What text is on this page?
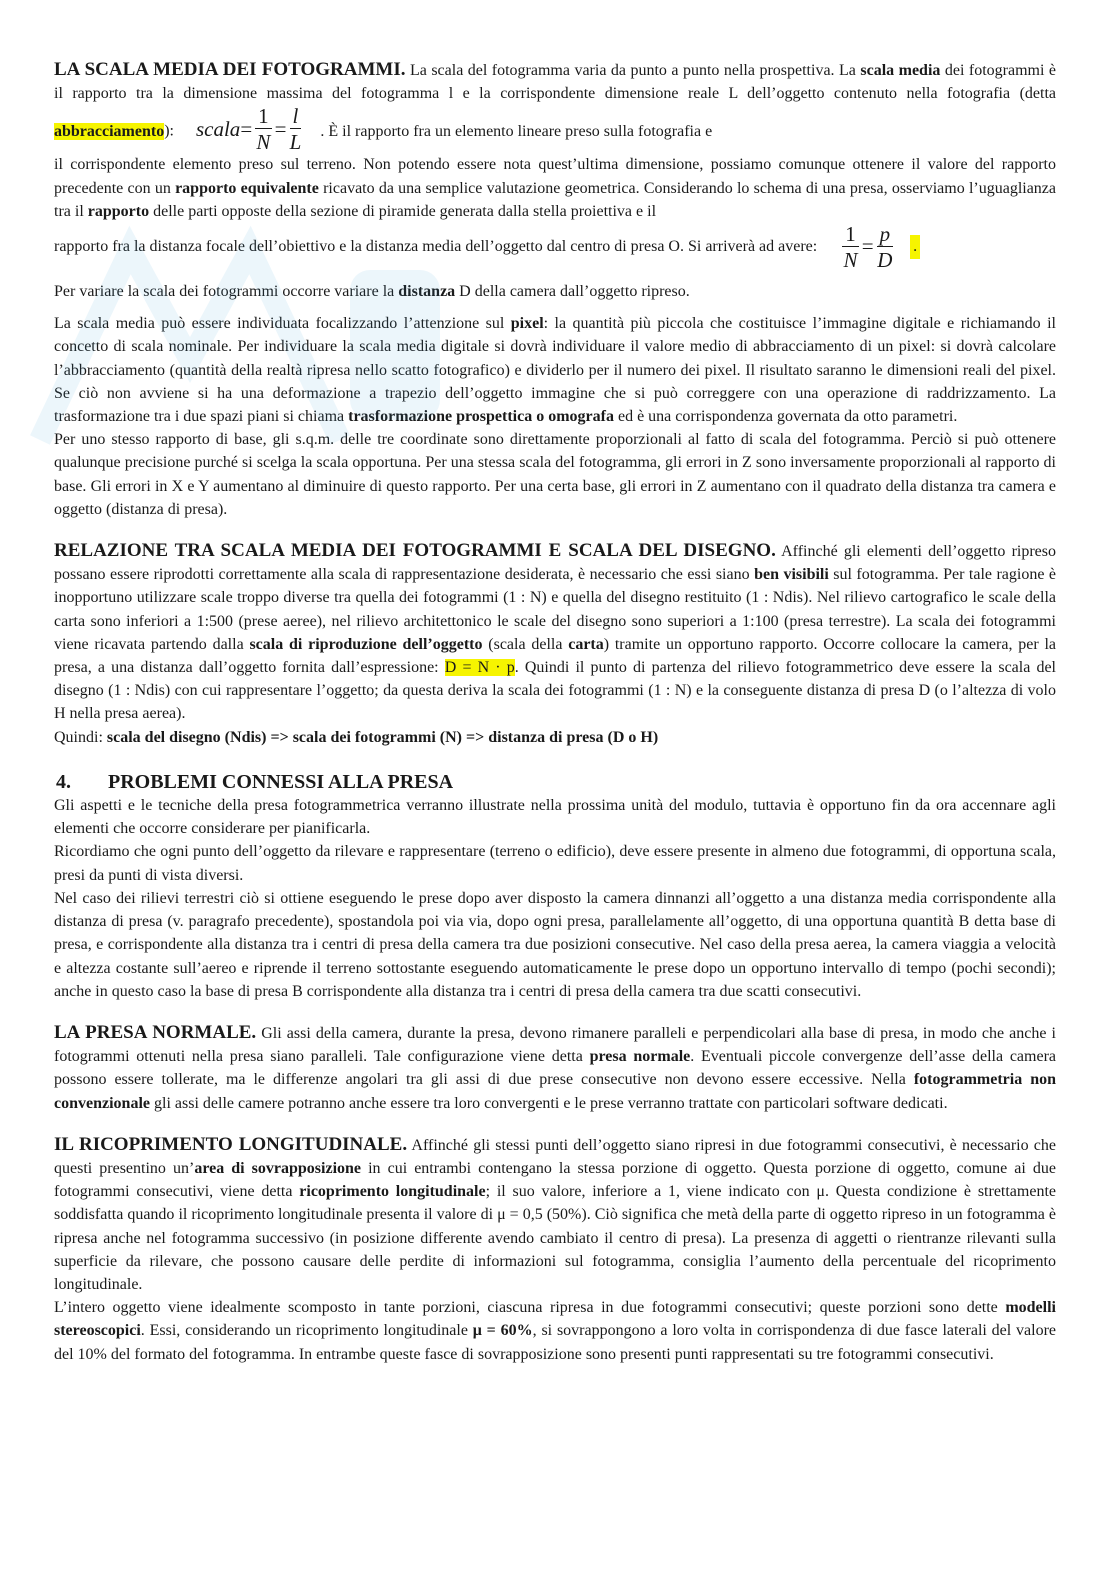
LA SCALA MEDIA DEI FOTOGRAMMI. La scala del fotogramma varia da punto a punto nella prospettiva. La scala media dei fotogrammi è il rapporto tra la dimensione massima del fotogramma l e la corrispondente dimensione reale L dell’oggetto contenuto nella fotografia (detta abbracciamento): scala = $\frac{1}{N} = \frac{l}{L}$ . È il rapporto fra un elemento lineare preso sulla fotografia e
il corrispondente elemento preso sul terreno. Non potendo essere nota quest’ultima dimensione, possiamo comunque ottenere il valore del rapporto precedente con un rapporto equivalente ricavato da una semplice valutazione geometrica. Considerando lo schema di una presa, osserviamo l’uguaglianza tra il rapporto delle parti opposte della sezione di piramide generata dalla stella proiettiva e il

rapporto fra la distanza focale dell’obiettivo e la distanza media dell’oggetto dal centro di presa O. Si arriverà ad avere: $\frac{1}{N} = \frac{p}{D}$ .

Per variare la scala dei fotogrammi occorre variare la distanza D della camera dall’oggetto ripreso.

La scala media può essere individuata focalizzando l’attenzione sul pixel: la quantità più piccola che costituisce l’immagine digitale e richiamando il concetto di scala nominale. Per individuare la scala media digitale si dovrà individuare il valore medio di abbracciamento di un pixel: si dovrà calcolare l’abbracciamento (quantità della realtà ripresa nello scatto fotografico) e dividerlo per il numero dei pixel. Il risultato saranno le dimensioni reali del pixel. Se ciò non avviene si ha una deformazione a trapezio dell’oggetto immagine che si può correggere con una operazione di raddrizzamento. La trasformazione tra i due spazi piani si chiama trasformazione prospettica o omografa ed è una corrispondenza governata da otto parametri.

Per uno stesso rapporto di base, gli s.q.m. delle tre coordinate sono direttamente proporzionali al fatto di scala del fotogramma. Perciò si può ottenere qualunque precisione purché si scelga la scala opportuna. Per una stessa scala del fotogramma, gli errori in Z sono inversamente proporzionali al rapporto di base. Gli errori in X e Y aumentano al diminuire di questo rapporto. Per una certa base, gli errori in Z aumentano con il quadrato della distanza tra camera e oggetto (distanza di presa).

RELAZIONE TRA SCALA MEDIA DEI FOTOGRAMMI E SCALA DEL DISEGNO. Affinché gli elementi dell’oggetto ripreso possano essere riprodotti correttamente alla scala di rappresentazione desiderata, è necessario che essi siano ben visibili sul fotogramma. Per tale ragione è inopportuno utilizzare scale troppo diverse tra quella dei fotogrammi (1 : N) e quella del disegno restituito (1 : Ndis). Nel rilievo cartografico le scale della carta sono inferiori a 1:500 (prese aeree), nel rilievo architettonico le scale del disegno sono superiori a 1:100 (presa terrestre). La scala dei fotogrammi viene ricavata partendo dalla scala di riproduzione dell’oggetto (scala della carta) tramite un opportuno rapporto. Occorre collocare la camera, per la presa, a una distanza dall’oggetto fornita dall’espressione: D = N · p. Quindi il punto di partenza del rilievo fotogrammetrico deve essere la scala del disegno (1 : Ndis) con cui rappresentare l’oggetto; da questa deriva la scala dei fotogrammi (1 : N) e la conseguente distanza di presa D (o l’altezza di volo H nella presa aerea).

Quindi: scala del disegno (Ndis) => scala dei fotogrammi (N) => distanza di presa (D o H)

4.	PROBLEMI CONNESSI ALLA PRESA

Gli aspetti e le tecniche della presa fotogrammetrica verranno illustrate nella prossima unità del modulo, tuttavia è opportuno fin da ora accennare agli elementi che occorre considerare per pianificarla.

Ricordiamo che ogni punto dell’oggetto da rilevare e rappresentare (terreno o edificio), deve essere presente in almeno due fotogrammi, di opportuna scala, presi da punti di vista diversi.

Nel caso dei rilievi terrestri ciò si ottiene eseguendo le prese dopo aver disposto la camera dinnanzi all’oggetto a una distanza media corrispondente alla distanza di presa (v. paragrafo precedente), spostandola poi via via, dopo ogni presa, parallelamente all’oggetto, di una opportuna quantità B detta base di presa, e corrispondente alla distanza tra i centri di presa della camera tra due posizioni consecutive. Nel caso della presa aerea, la camera viaggia a velocità e altezza costante sull’aereo e riprende il terreno sottostante eseguendo automaticamente le prese dopo un opportuno intervallo di tempo (pochi secondi); anche in questo caso la base di presa B corrispondente alla distanza tra i centri di presa della camera tra due scatti consecutivi.

LA PRESA NORMALE. Gli assi della camera, durante la presa, devono rimanere paralleli e perpendicolari alla base di presa, in modo che anche i fotogrammi ottenuti nella presa siano paralleli. Tale configurazione viene detta presa normale. Eventuali piccole convergenze dell’asse della camera possono essere tollerate, ma le differenze angolari tra gli assi di due prese consecutive non devono essere eccessive. Nella fotogrammetria non convenzionale gli assi delle camere potranno anche essere tra loro convergenti e le prese verranno trattate con particolari software dedicati.

IL RICOPRIMENTO LONGITUDINALE. Affinché gli stessi punti dell’oggetto siano ripresi in due fotogrammi consecutivi, è necessario che questi presentino un’area di sovrapposizione in cui entrambi contengano la stessa porzione di oggetto. Questa porzione di oggetto, comune ai due fotogrammi consecutivi, viene detta ricoprimento longitudinale; il suo valore, inferiore a 1, viene indicato con μ. Questa condizione è strettamente soddisfatta quando il ricoprimento longitudinale presenta il valore di μ = 0,5 (50%). Ciò significa che metà della parte di oggetto ripreso in un fotogramma è ripresa anche nel fotogramma successivo (in posizione differente avendo cambiato il centro di presa). La presenza di aggetti o rientranze rilevanti sulla superficie da rilevare, che possono causare delle perdite di informazioni sul fotogramma, consiglia l’aumento della percentuale del ricoprimento longitudinale.

L’intero oggetto viene idealmente scomposto in tante porzioni, ciascuna ripresa in due fotogrammi consecutivi; queste porzioni sono dette modelli stereoscopici. Essi, considerando un ricoprimento longitudinale μ = 60%, si sovrappongono a loro volta in corrispondenza di due fasce laterali del valore del 10% del formato del fotogramma. In entrambe queste fasce di sovrapposizione sono presenti punti rappresentati su tre fotogrammi consecutivi.
